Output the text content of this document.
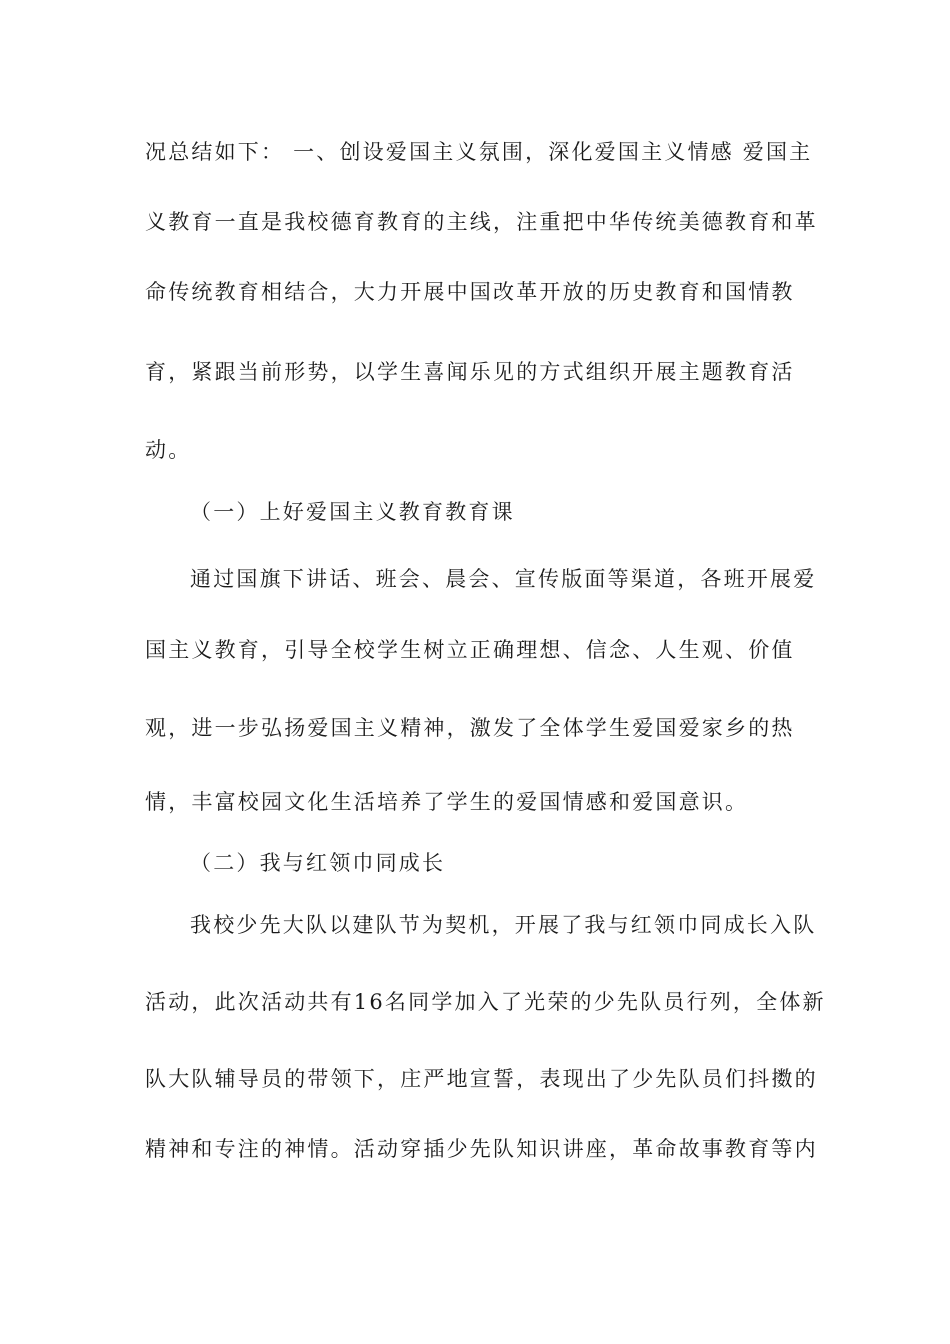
况总结如下： 一、创设爱国主义氛围，深化爱国主义情感 爱国主
义教育一直是我校德育教育的主线，注重把中华传统美德教育和革
命传统教育相结合，大力开展中国改革开放的历史教育和国情教
育，紧跟当前形势，以学生喜闻乐见的方式组织开展主题教育活
动。
（一）上好爱国主义教育教育课
通过国旗下讲话、班会、晨会、宣传版面等渠道，各班开展爱
国主义教育，引导全校学生树立正确理想、信念、人生观、价值
观，进一步弘扬爱国主义精神，激发了全体学生爱国爱家乡的热
情，丰富校园文化生活培养了学生的爱国情感和爱国意识。
（二）我与红领巾同成长
我校少先大队以建队节为契机，开展了我与红领巾同成长入队
活动，此次活动共有16名同学加入了光荣的少先队员行列，全体新
队大队辅导员的带领下，庄严地宣誓，表现出了少先队员们抖擞的
精神和专注的神情。活动穿插少先队知识讲座，革命故事教育等内
